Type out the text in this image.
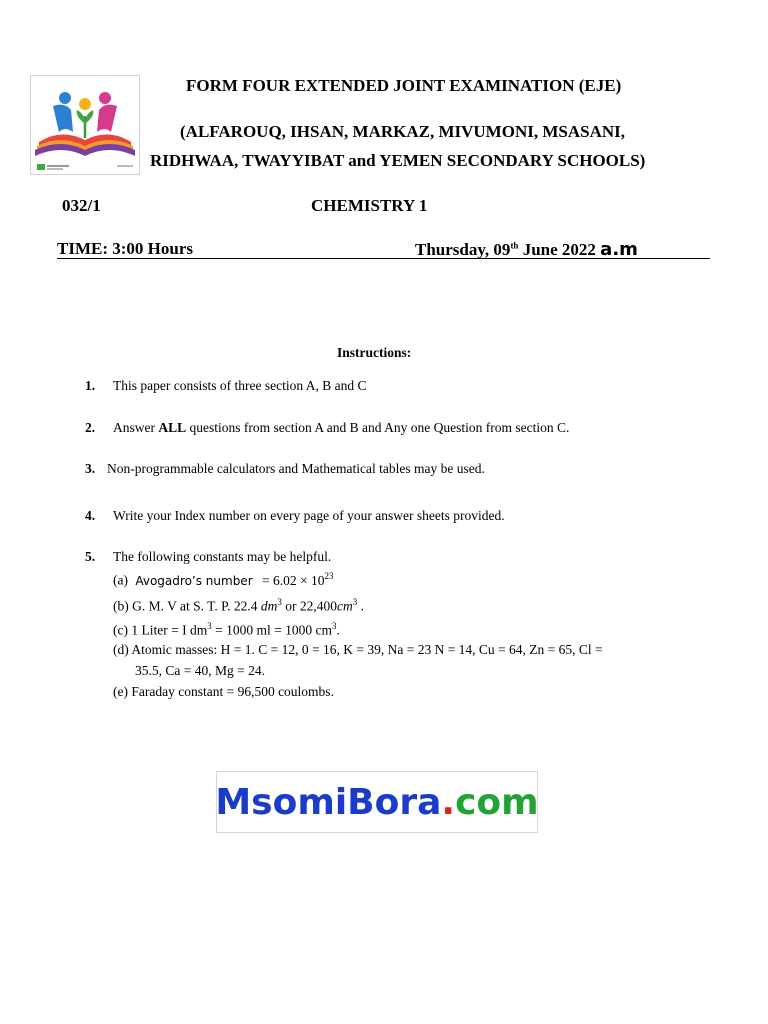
FORM FOUR EXTENDED JOINT EXAMINATION (EJE)
(ALFAROUQ, IHSAN, MARKAZ, MIVUMONI, MSASANI,
RIDHWAA, TWAYYIBAT and YEMEN SECONDARY SCHOOLS)
032/1	CHEMISTRY 1
TIME: 3:00 Hours	Thursday, 09th June 2022 a.m
Instructions:
1. This paper consists of three section A, B and C
2. Answer ALL questions from section A and B and Any one Question from section C.
3. Non-programmable calculators and Mathematical tables may be used.
4. Write your Index number on every page of your answer sheets provided.
5. The following constants may be helpful.
(a) Avogadro’s number = $6.02 \times 10^{23}$
(b) G. M. V at S. T. P. 22.4 $dm^3$ or $22,400cm^3$ .
(c) 1 Liter = I $dm^3 = 1000$ ml = 1000 $cm^3$.
(d) Atomic masses: H = 1. C = 12, 0 = 16, K = 39, Na = 23 N = 14, Cu = 64, Zn = 65, Cl =
35.5, Ca = 40, Mg = 24.
(e) Faraday constant = 96,500 coulombs.
Msomi Bora . com
